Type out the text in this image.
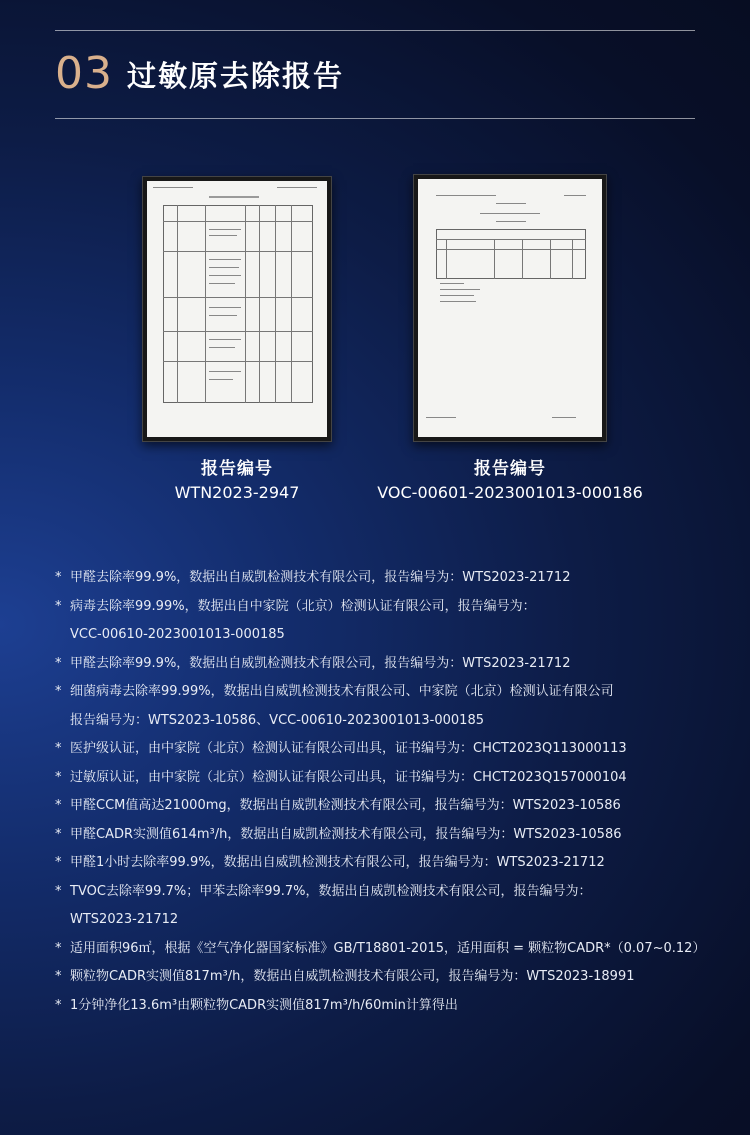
03 过敏原去除报告
报告编号
WTN2023-2947
报告编号
VOC-00601-2023001013-000186
* 甲醛去除率99.9%，数据出自威凯检测技术有限公司，报告编号为：WTS2023-21712
* 病毒去除率99.99%，数据出自中家院（北京）检测认证有限公司，报告编号为：
VCC-00610-2023001013-000185
* 甲醛去除率99.9%，数据出自威凯检测技术有限公司，报告编号为：WTS2023-21712
* 细菌病毒去除率99.99%，数据出自威凯检测技术有限公司、中家院（北京）检测认证有限公司
报告编号为：WTS2023-10586、VCC-00610-2023001013-000185
* 医护级认证，由中家院（北京）检测认证有限公司出具，证书编号为：CHCT2023Q113000113
* 过敏原认证，由中家院（北京）检测认证有限公司出具，证书编号为：CHCT2023Q157000104
* 甲醛CCM值高达21000mg，数据出自威凯检测技术有限公司，报告编号为：WTS2023-10586
* 甲醛CADR实测值614m³/h，数据出自威凯检测技术有限公司，报告编号为：WTS2023-10586
* 甲醛1小时去除率99.9%，数据出自威凯检测技术有限公司，报告编号为：WTS2023-21712
* TVOC去除率99.7%；甲苯去除率99.7%，数据出自威凯检测技术有限公司，报告编号为：
WTS2023-21712
* 适用面积96㎡，根据《空气净化器国家标准》GB/T18801-2015，适用面积 = 颗粒物CADR*（0.07~0.12）
* 颗粒物CADR实测值817m³/h，数据出自威凯检测技术有限公司，报告编号为：WTS2023-18991
* 1分钟净化13.6m³由颗粒物CADR实测值817m³/h/60min计算得出
